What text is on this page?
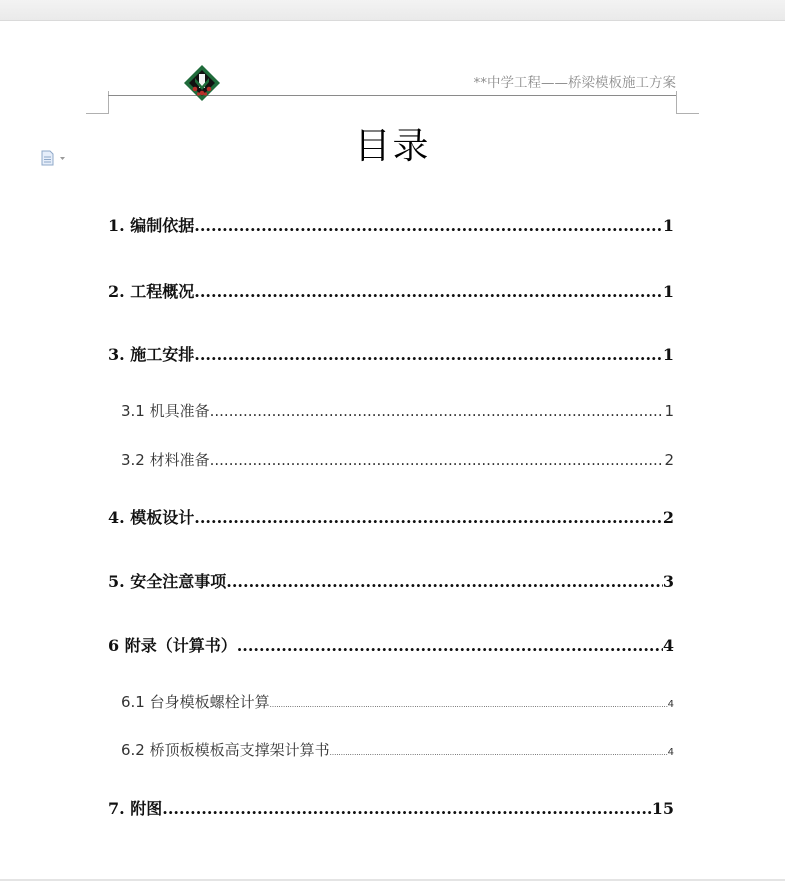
**中学工程——桥梁模板施工方案
目录
1. 编制依据 .....	1
2. 工程概况 .....	1
3. 施工安排 .....	1
3.1 机具准备 .....	1
3.2 材料准备 .....	2
4. 模板设计 .....	2
5. 安全注意事项 .....	3
6 附录（计算书） .....	4
6.1 台身模板螺栓计算 .....	4
6.2 桥顶板模板高支撑架计算书 .....	4
7. 附图 .....	15
